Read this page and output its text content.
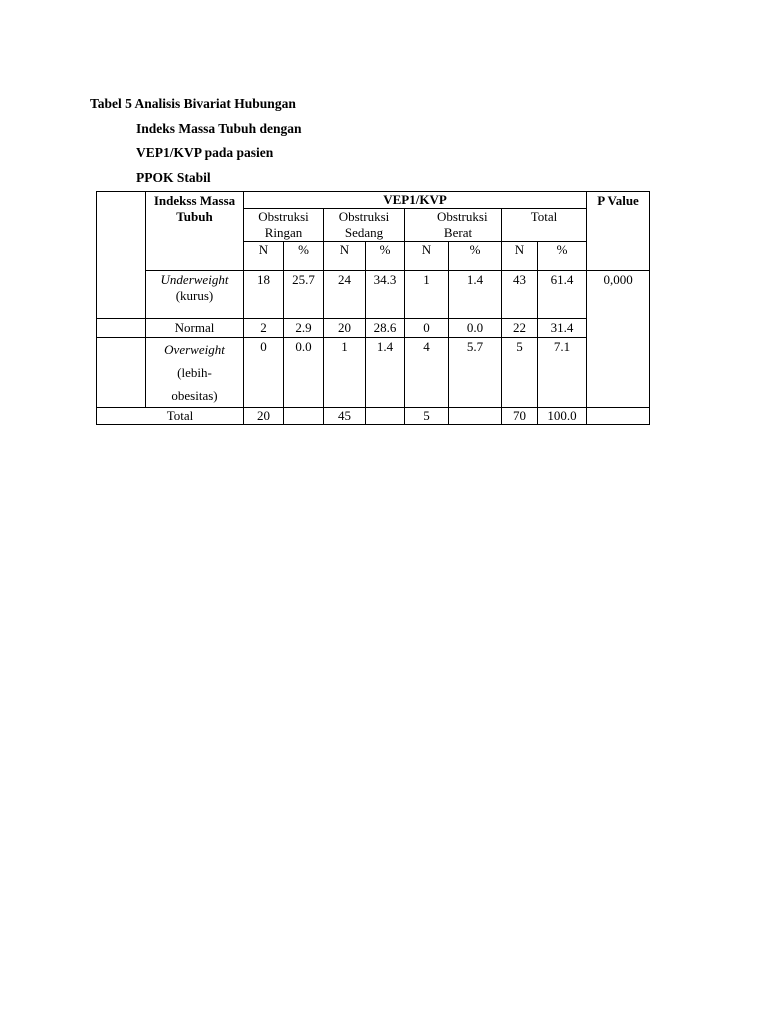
Tabel 5 Analisis Bivariat Hubungan
Indeks Massa Tubuh dengan
VEP1/KVP pada pasien
PPOK Stabil
	Indekss Massa Tubuh	VEP1/KVP								P Value
		Obstruksi Ringan		Obstruksi Sedang		Obstruksi Berat		Total		
		N	%	N	%	N	%	N	%	
	Underweight
(kurus)	18	25.7	24	34.3	1	1.4	43	61.4	0,000
	Normal	2	2.9	20	28.6	0	0.0	22	31.4	
	Overweight
(lebih-
obesitas)	0	0.0	1	1.4	4	5.7	5	7.1	
Total		20		45		5		70	100.0	
